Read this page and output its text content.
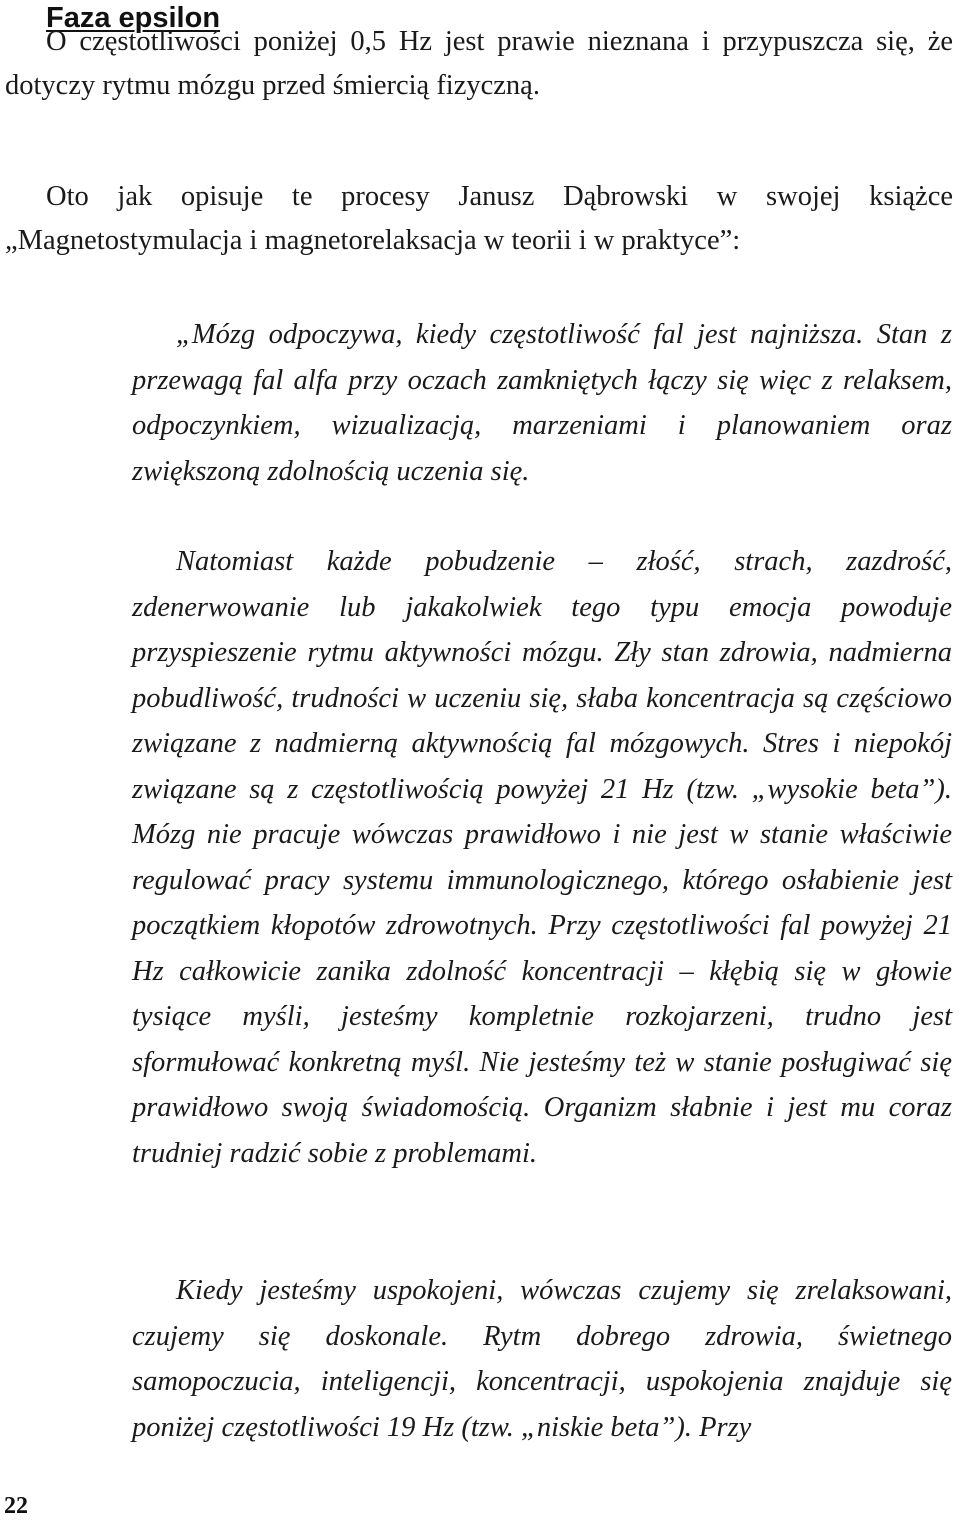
Faza epsilon

O częstotliwości poniżej 0,5 Hz jest prawie nieznana i przypuszcza się, że dotyczy rytmu mózgu przed śmiercią fizyczną.

Oto jak opisuje te procesy Janusz Dąbrowski w swojej książce „Magnetostymulacja i magnetorelaksacja w teorii i w praktyce”:

„Mózg odpoczywa, kiedy częstotliwość fal jest najniższa. Stan z przewagą fal alfa przy oczach zamkniętych łączy się więc z relaksem, odpoczynkiem, wizualizacją, marzeniami i planowaniem oraz zwiększoną zdolnością uczenia się.

Natomiast każde pobudzenie – złość, strach, zazdrość, zdenerwowanie lub jakakolwiek tego typu emocja powoduje przyspieszenie rytmu aktywności mózgu. Zły stan zdrowia, nadmierna pobudliwość, trudności w uczeniu się, słaba koncentracja są częściowo związane z nadmierną aktywnością fal mózgowych. Stres i niepokój związane są z częstotliwością powyżej 21 Hz (tzw. „wysokie beta”). Mózg nie pracuje wówczas prawidłowo i nie jest w stanie właściwie regulować pracy systemu immunologicznego, którego osłabienie jest początkiem kłopotów zdrowotnych. Przy częstotliwości fal powyżej 21 Hz całkowicie zanika zdolność koncentracji – kłębią się w głowie tysiące myśli, jesteśmy kompletnie rozkojarzeni, trudno jest sformułować konkretną myśl. Nie jesteśmy też w stanie posługiwać się prawidłowo swoją świadomością. Organizm słabnie i jest mu coraz trudniej radzić sobie z problemami.

Kiedy jesteśmy uspokojeni, wówczas czujemy się zrelaksowani, czujemy się doskonale. Rytm dobrego zdrowia, świetnego samopoczucia, inteligencji, koncentracji, uspokojenia znajduje się poniżej częstotliwości 19 Hz (tzw. „niskie beta”). Przy

22
